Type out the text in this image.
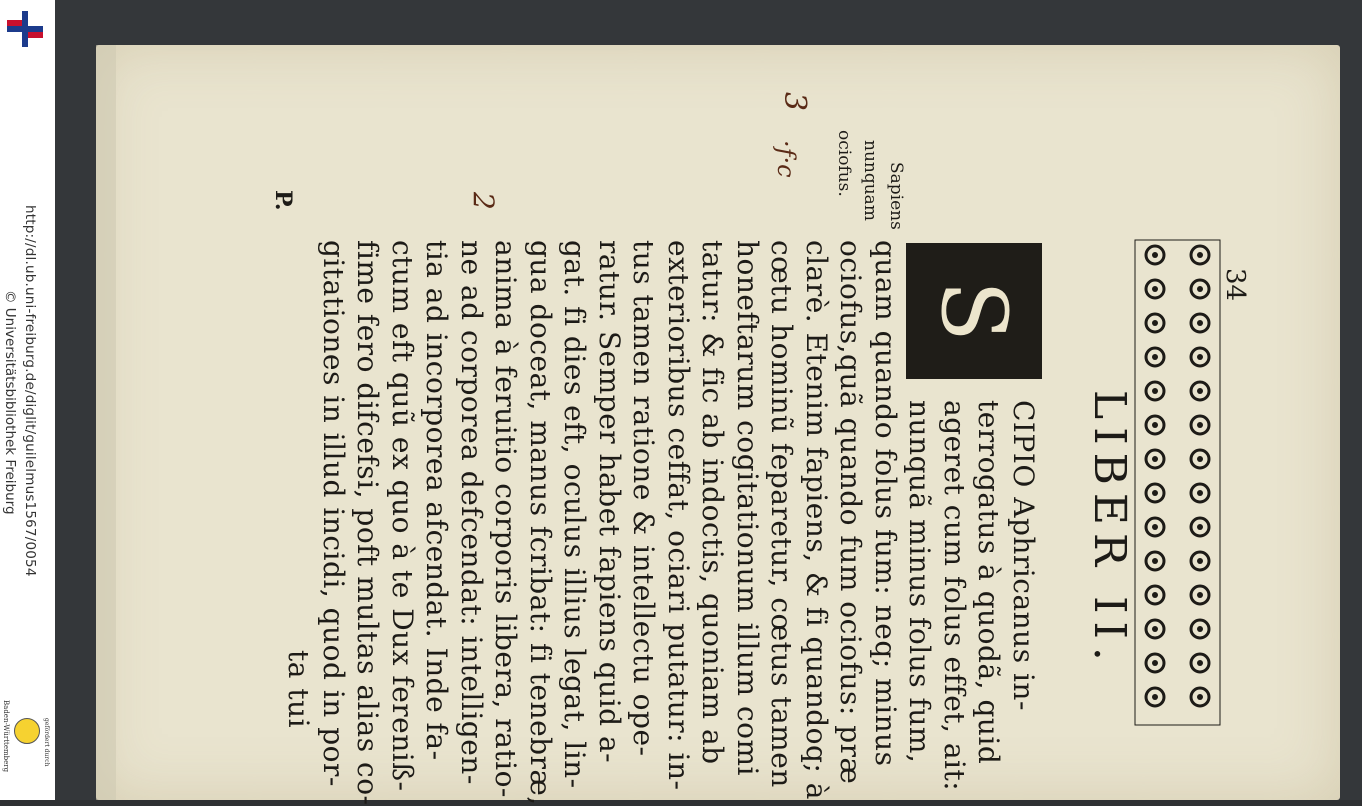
http://dl.ub.uni-freiburg.de/diglit/guilelmus1567/0054
© Universitätsbibliothek Freiburg
gefördert durch
Baden-Württemberg
34
LIBER II.
S
P.	Sapiens
nunquam
ociofus.
3
·f·c
2
CIPIO Aphricanus in-
terrogatus à quodã, quid
ageret cum folus effet, ait:
nunquã minus folus fum,
quam quando folus fum: neq; minus
ociofus,quã quando fum ociofus: præ
clarè. Etenim fapiens, & fi quandoq; à
cœtu hominũ feparetur, cœtus tamen
honeftarum cogitationum illum comi
tatur: & fic ab indoctis, quoniam ab
exterioribus ceffat, ociari putatur: in-
tus tamen ratione & intellectu ope-
ratur. Semper habet fapiens quid a-
gat. fi dies eft, oculus illius legat, lin-
gua doceat, manus fcribat: fi tenebræ,
anima à feruitio corporis libera, ratio-
ne ad corporea defcendat: intelligen-
tia ad incorporea afcendat. Inde fa-
ctum eft quũ ex quo à te Dux fereniß-
fime fero difcefsi, poft multas alias co-
gitationes in illud incidi, quod in por-
ta tui
